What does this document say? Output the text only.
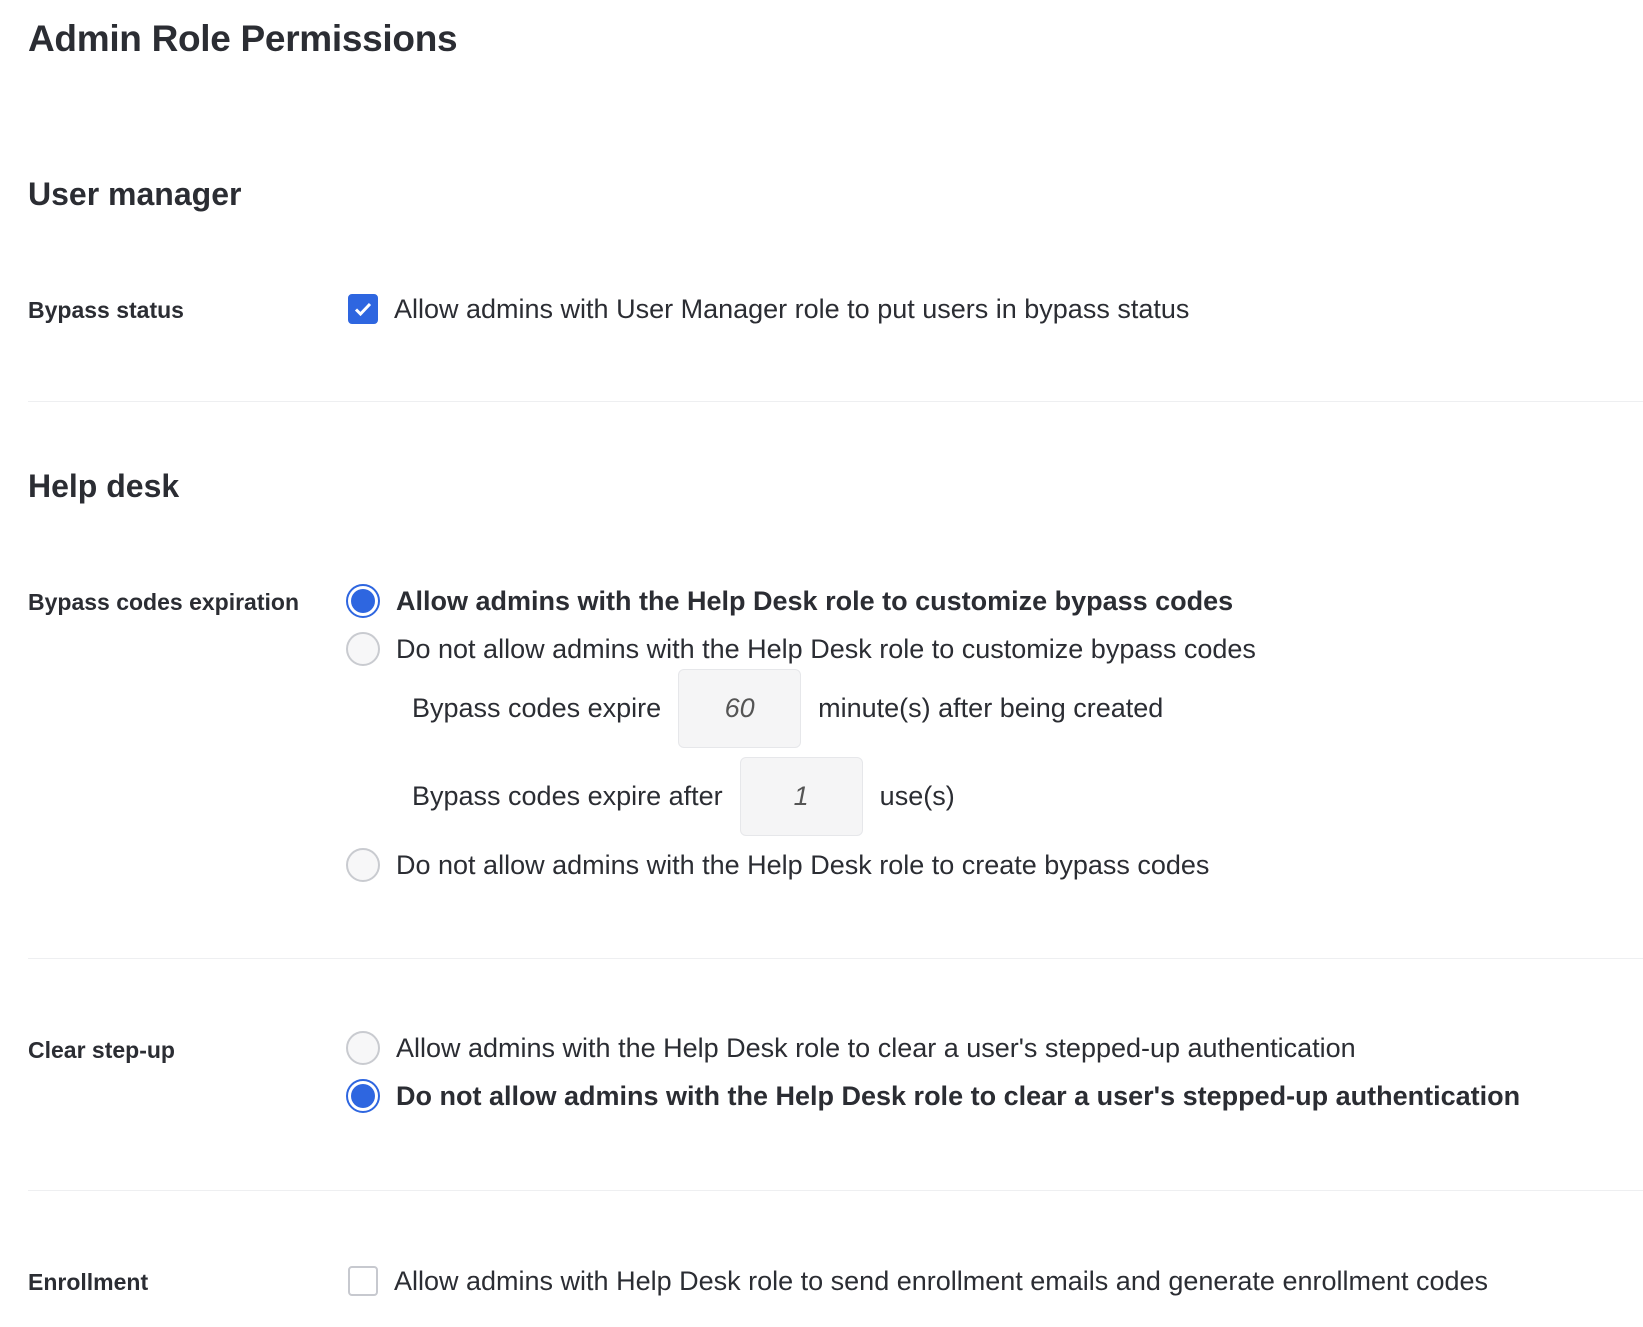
Admin Role Permissions
User manager
Bypass status	Allow admins with User Manager role to put users in bypass status
Help desk
Bypass codes expiration	Allow admins with the Help Desk role to customize bypass codes
Do not allow admins with the Help Desk role to customize bypass codes
Bypass codes expire	60	minute(s) after being created
Bypass codes expire after	1	use(s)
Do not allow admins with the Help Desk role to create bypass codes
Clear step-up	Allow admins with the Help Desk role to clear a user's stepped-up authentication
Do not allow admins with the Help Desk role to clear a user's stepped-up authentication
Enrollment	Allow admins with Help Desk role to send enrollment emails and generate enrollment codes
